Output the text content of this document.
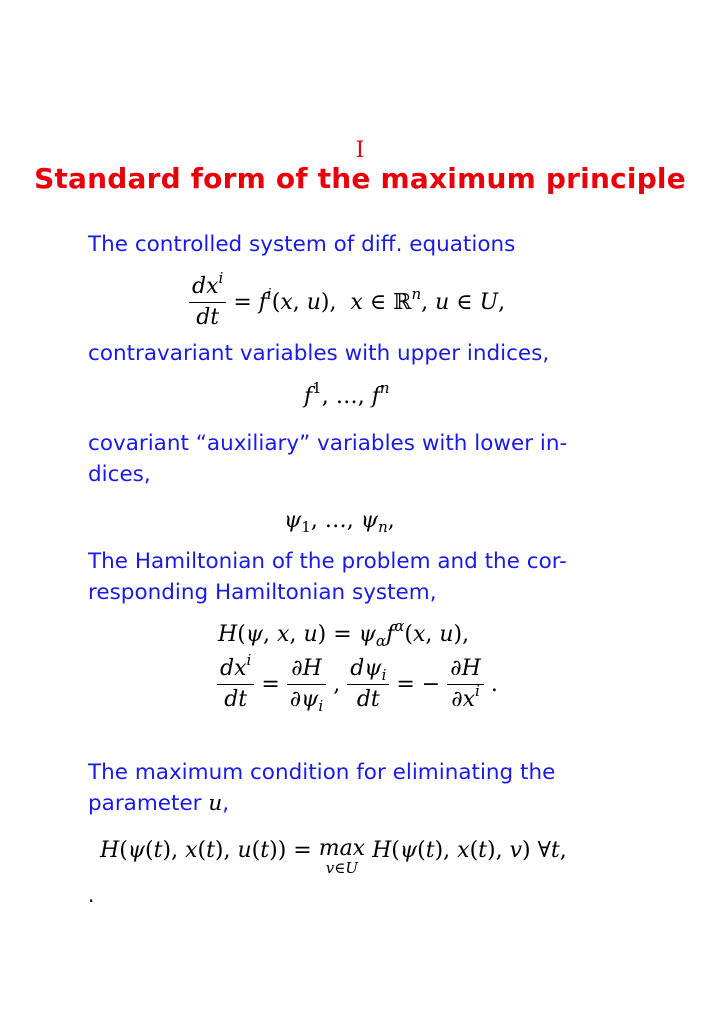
I
Standard form of the maximum principle
The controlled system of diff. equations
$\frac{dx^i}{dt} = f^i(x$, u),  x ∈ ℝ$^n$, u ∈ U,
contravariant variables with upper indices,
$f^1$, …, $f^n$
covariant “auxiliary” variables with lower in-
dices,
$\psi_1$, …, $\psi_n$,
The Hamiltonian of the problem and the cor-
responding Hamiltonian system,
H(ψ, x, $u) = \psi_\alpha f^\alpha(x$, u),
$\frac{dx^i}{dt} = \frac{\partial H}{\partial\psi_i}$ , $\frac{d\psi_i}{dt}$ = − $\frac{\partial H}{\partial x^i}$ .
The maximum condition for eliminating the
parameter u,
H(ψ(t), x(t), u(t)) = max
v∈U
H(ψ(t), x(t), v) ∀t,
.
